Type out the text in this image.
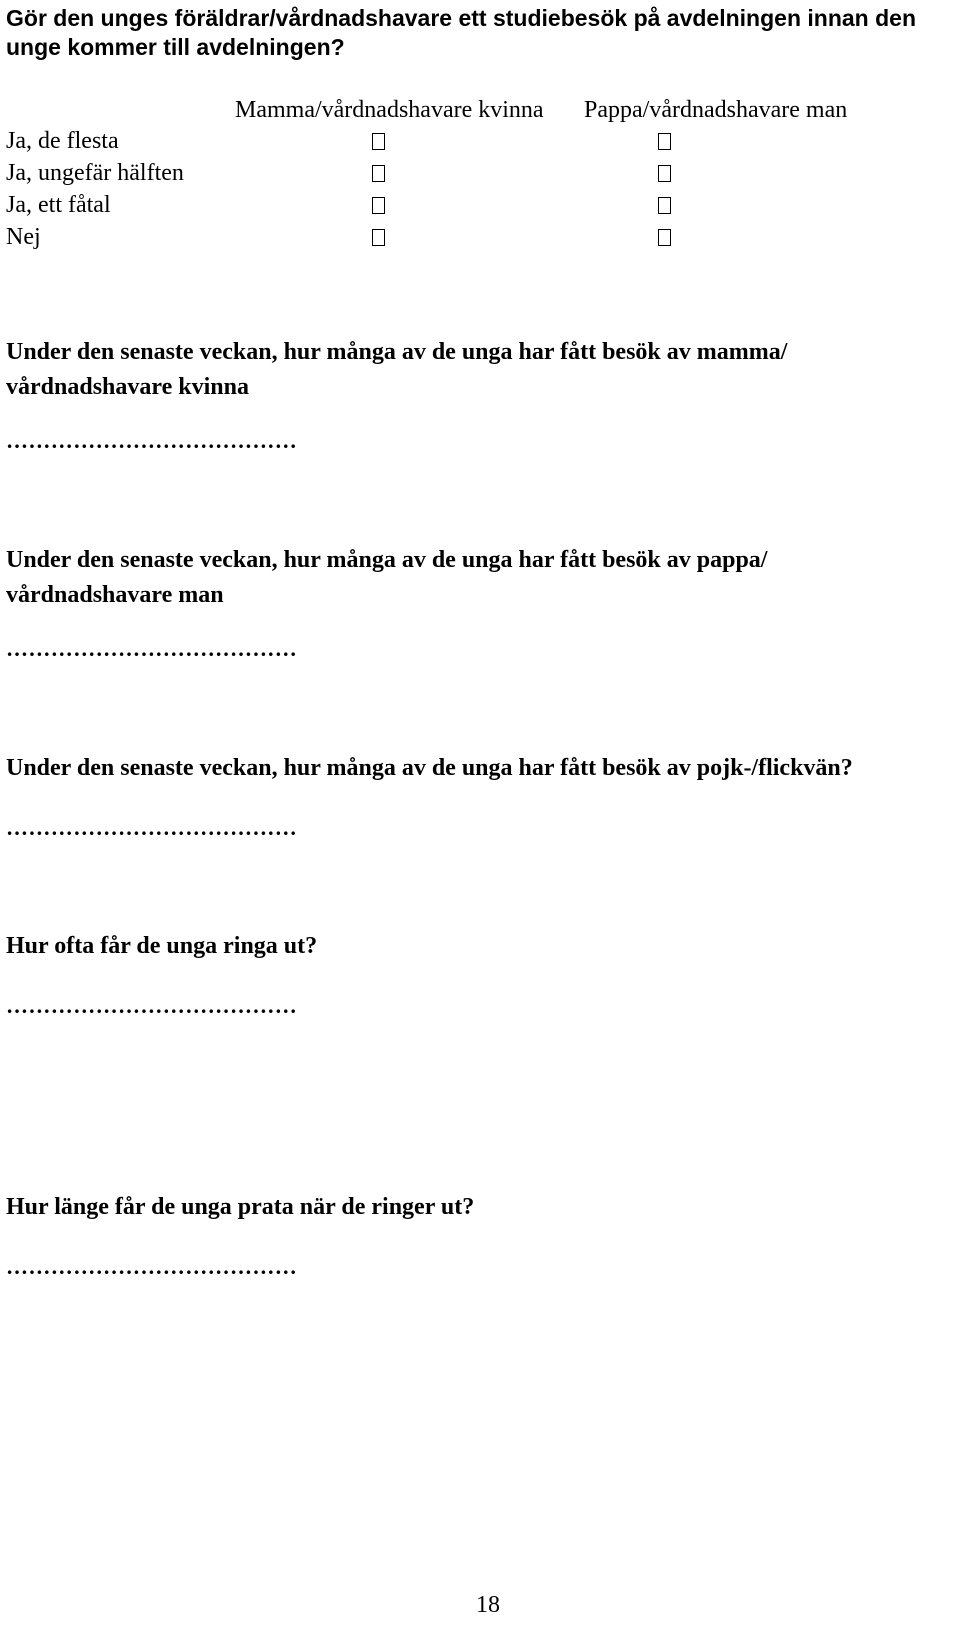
Gör den unges föräldrar/vårdnadshavare ett studiebesök på avdelningen innan den
unge kommer till avdelningen?
Mamma/vårdnadshavare kvinna Pappa/vårdnadshavare man
Ja, de flesta
Ja, ungefär hälften
Ja, ett fåtal
Nej
Under den senaste veckan, hur många av de unga har fått besök av mamma/
vårdnadshavare kvinna
…………………………………
Under den senaste veckan, hur många av de unga har fått besök av pappa/
vårdnadshavare man
…………………………………
Under den senaste veckan, hur många av de unga har fått besök av pojk-/flickvän?
…………………………………
Hur ofta får de unga ringa ut?
…………………………………
Hur länge får de unga prata när de ringer ut?
…………………………………
18
